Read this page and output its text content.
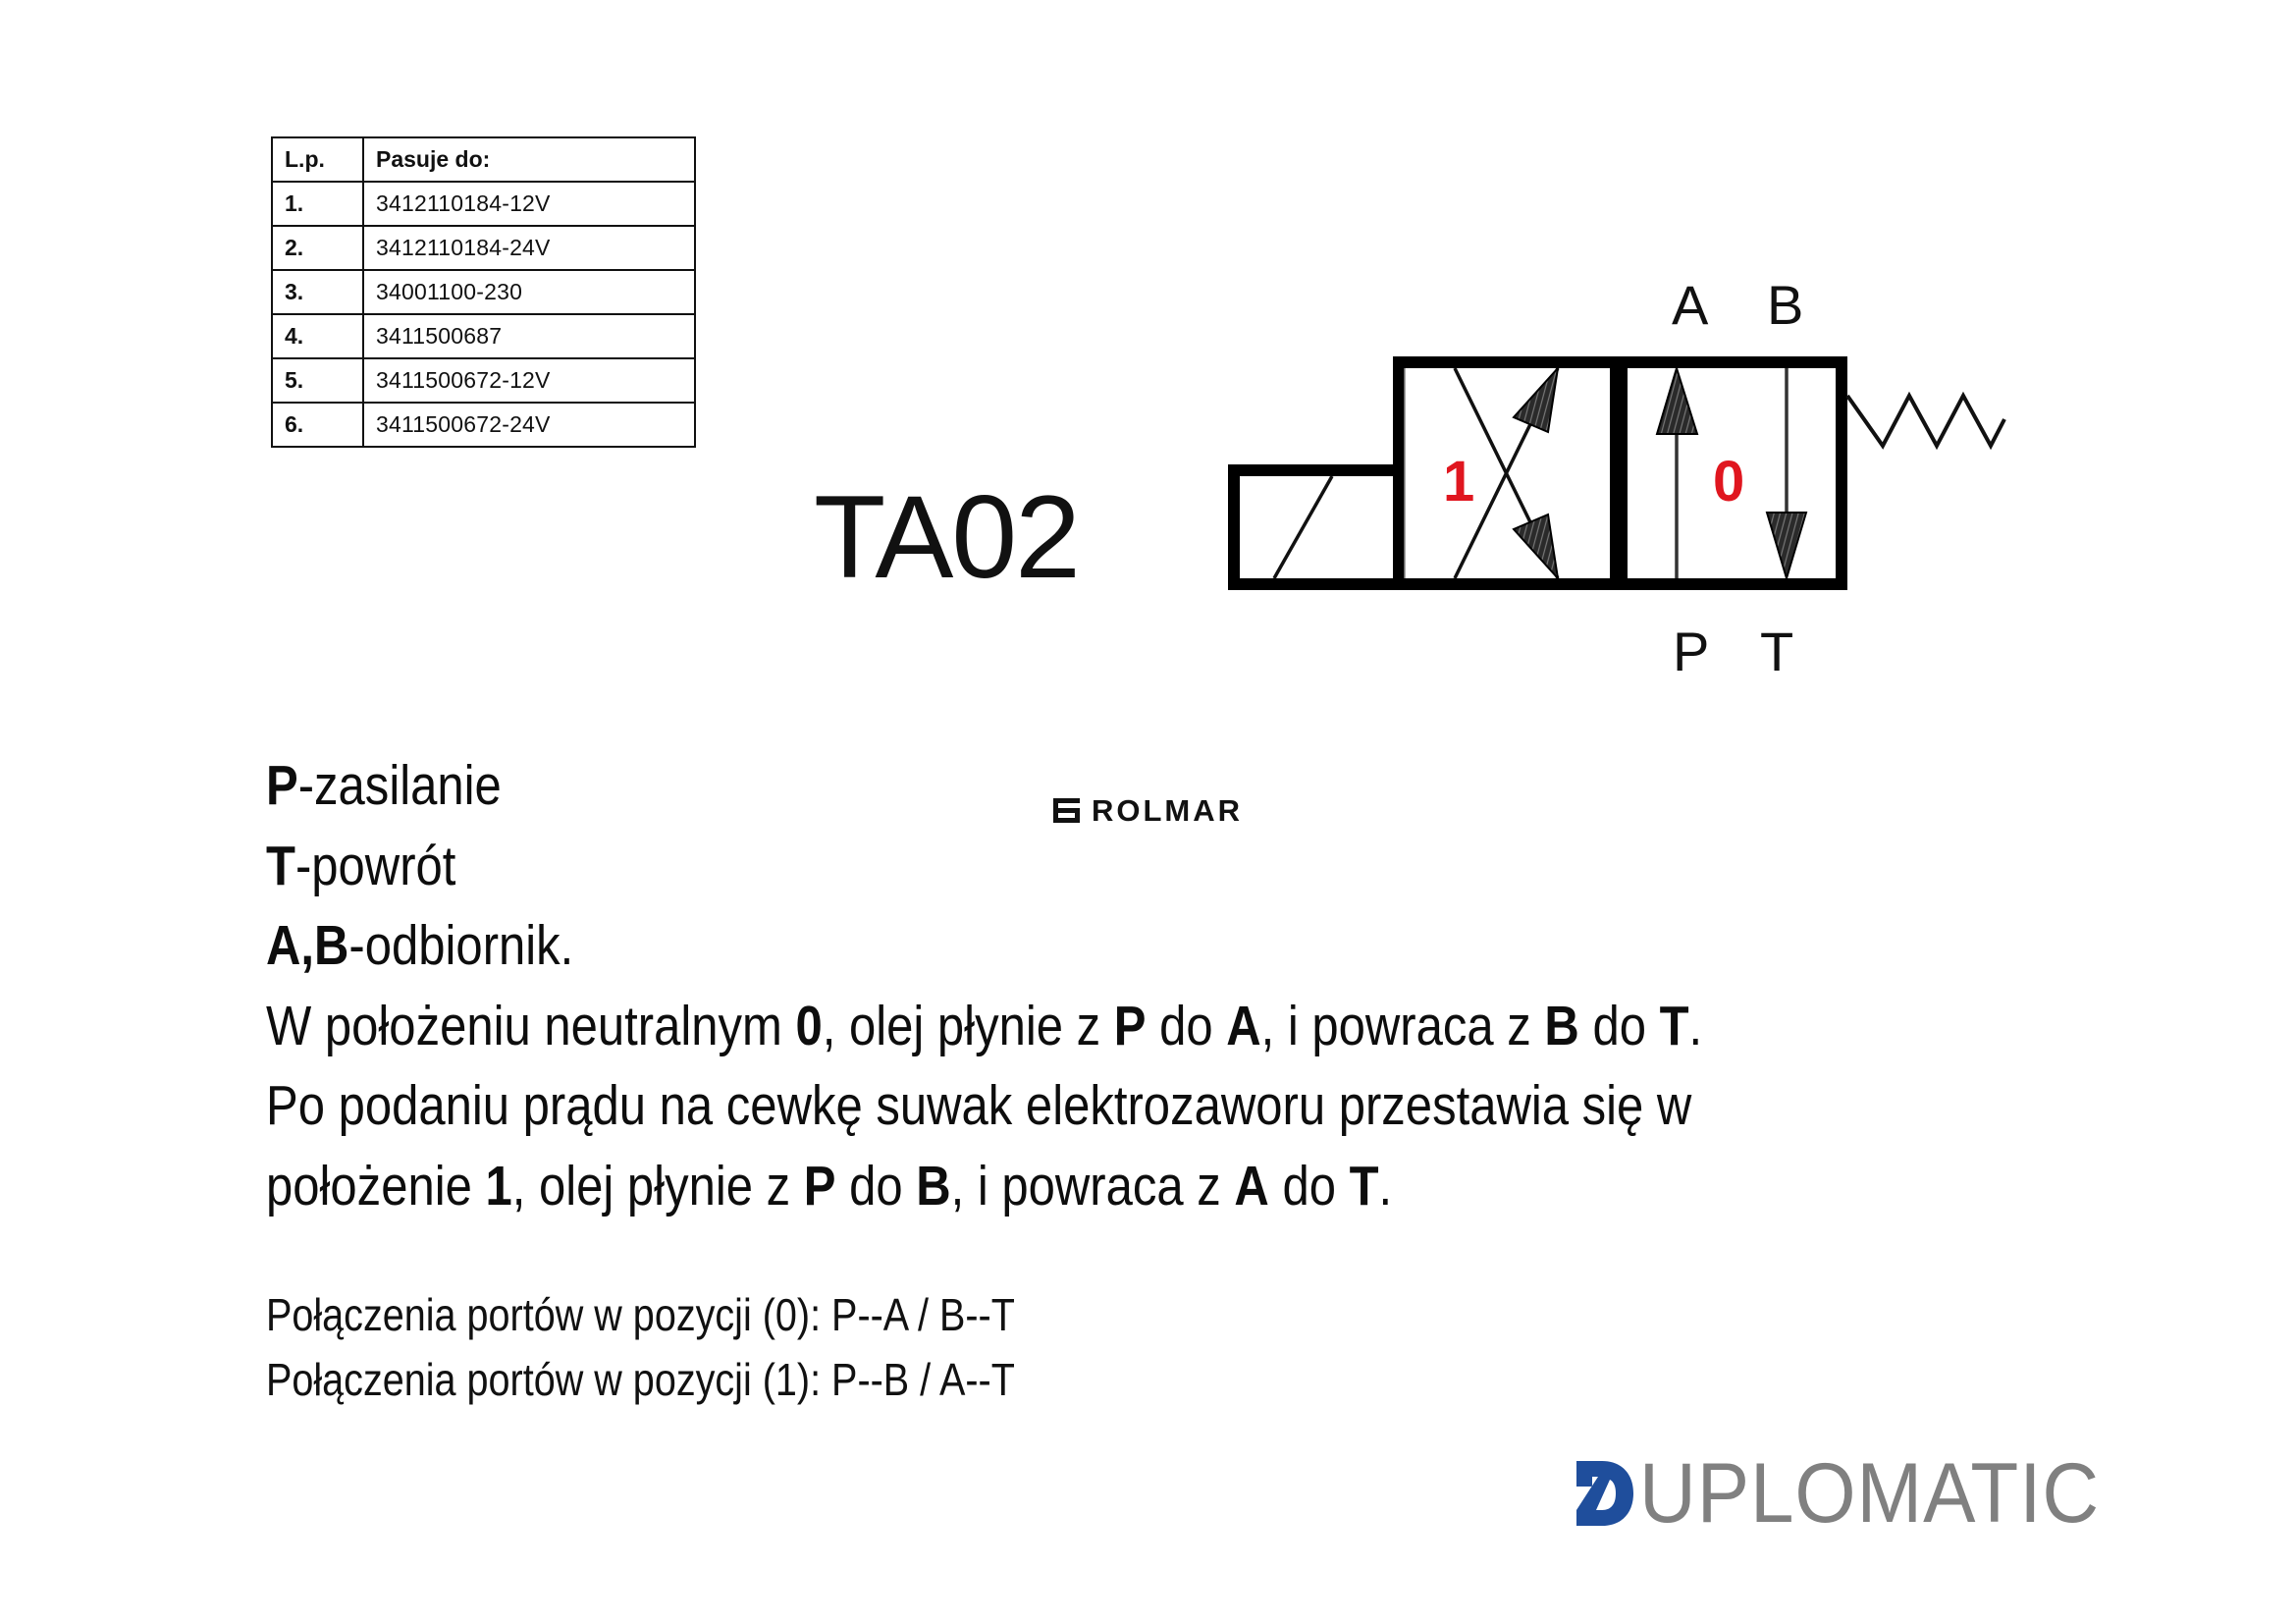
L.p.	Pasuje do:
1.	3412110184-12V
2.	3412110184-24V
3.	34001100-230
4.	3411500687
5.	3411500672-12V
6.	3411500672-24V
TA02	1	0
A B
P T
ROLMAR
P-zasilanie
T-powrót
A,B-odbiornik.
W położeniu neutralnym 0, olej płynie z P do A, i powraca z B do T.
Po podaniu prądu na cewkę suwak elektrozaworu przestawia się w
położenie 1, olej płynie z P do B, i powraca z A do T.
Połączenia portów w pozycji (0): P--A / B--T
Połączenia portów w pozycji (1): P--B / A--T
UPLOMATIC
